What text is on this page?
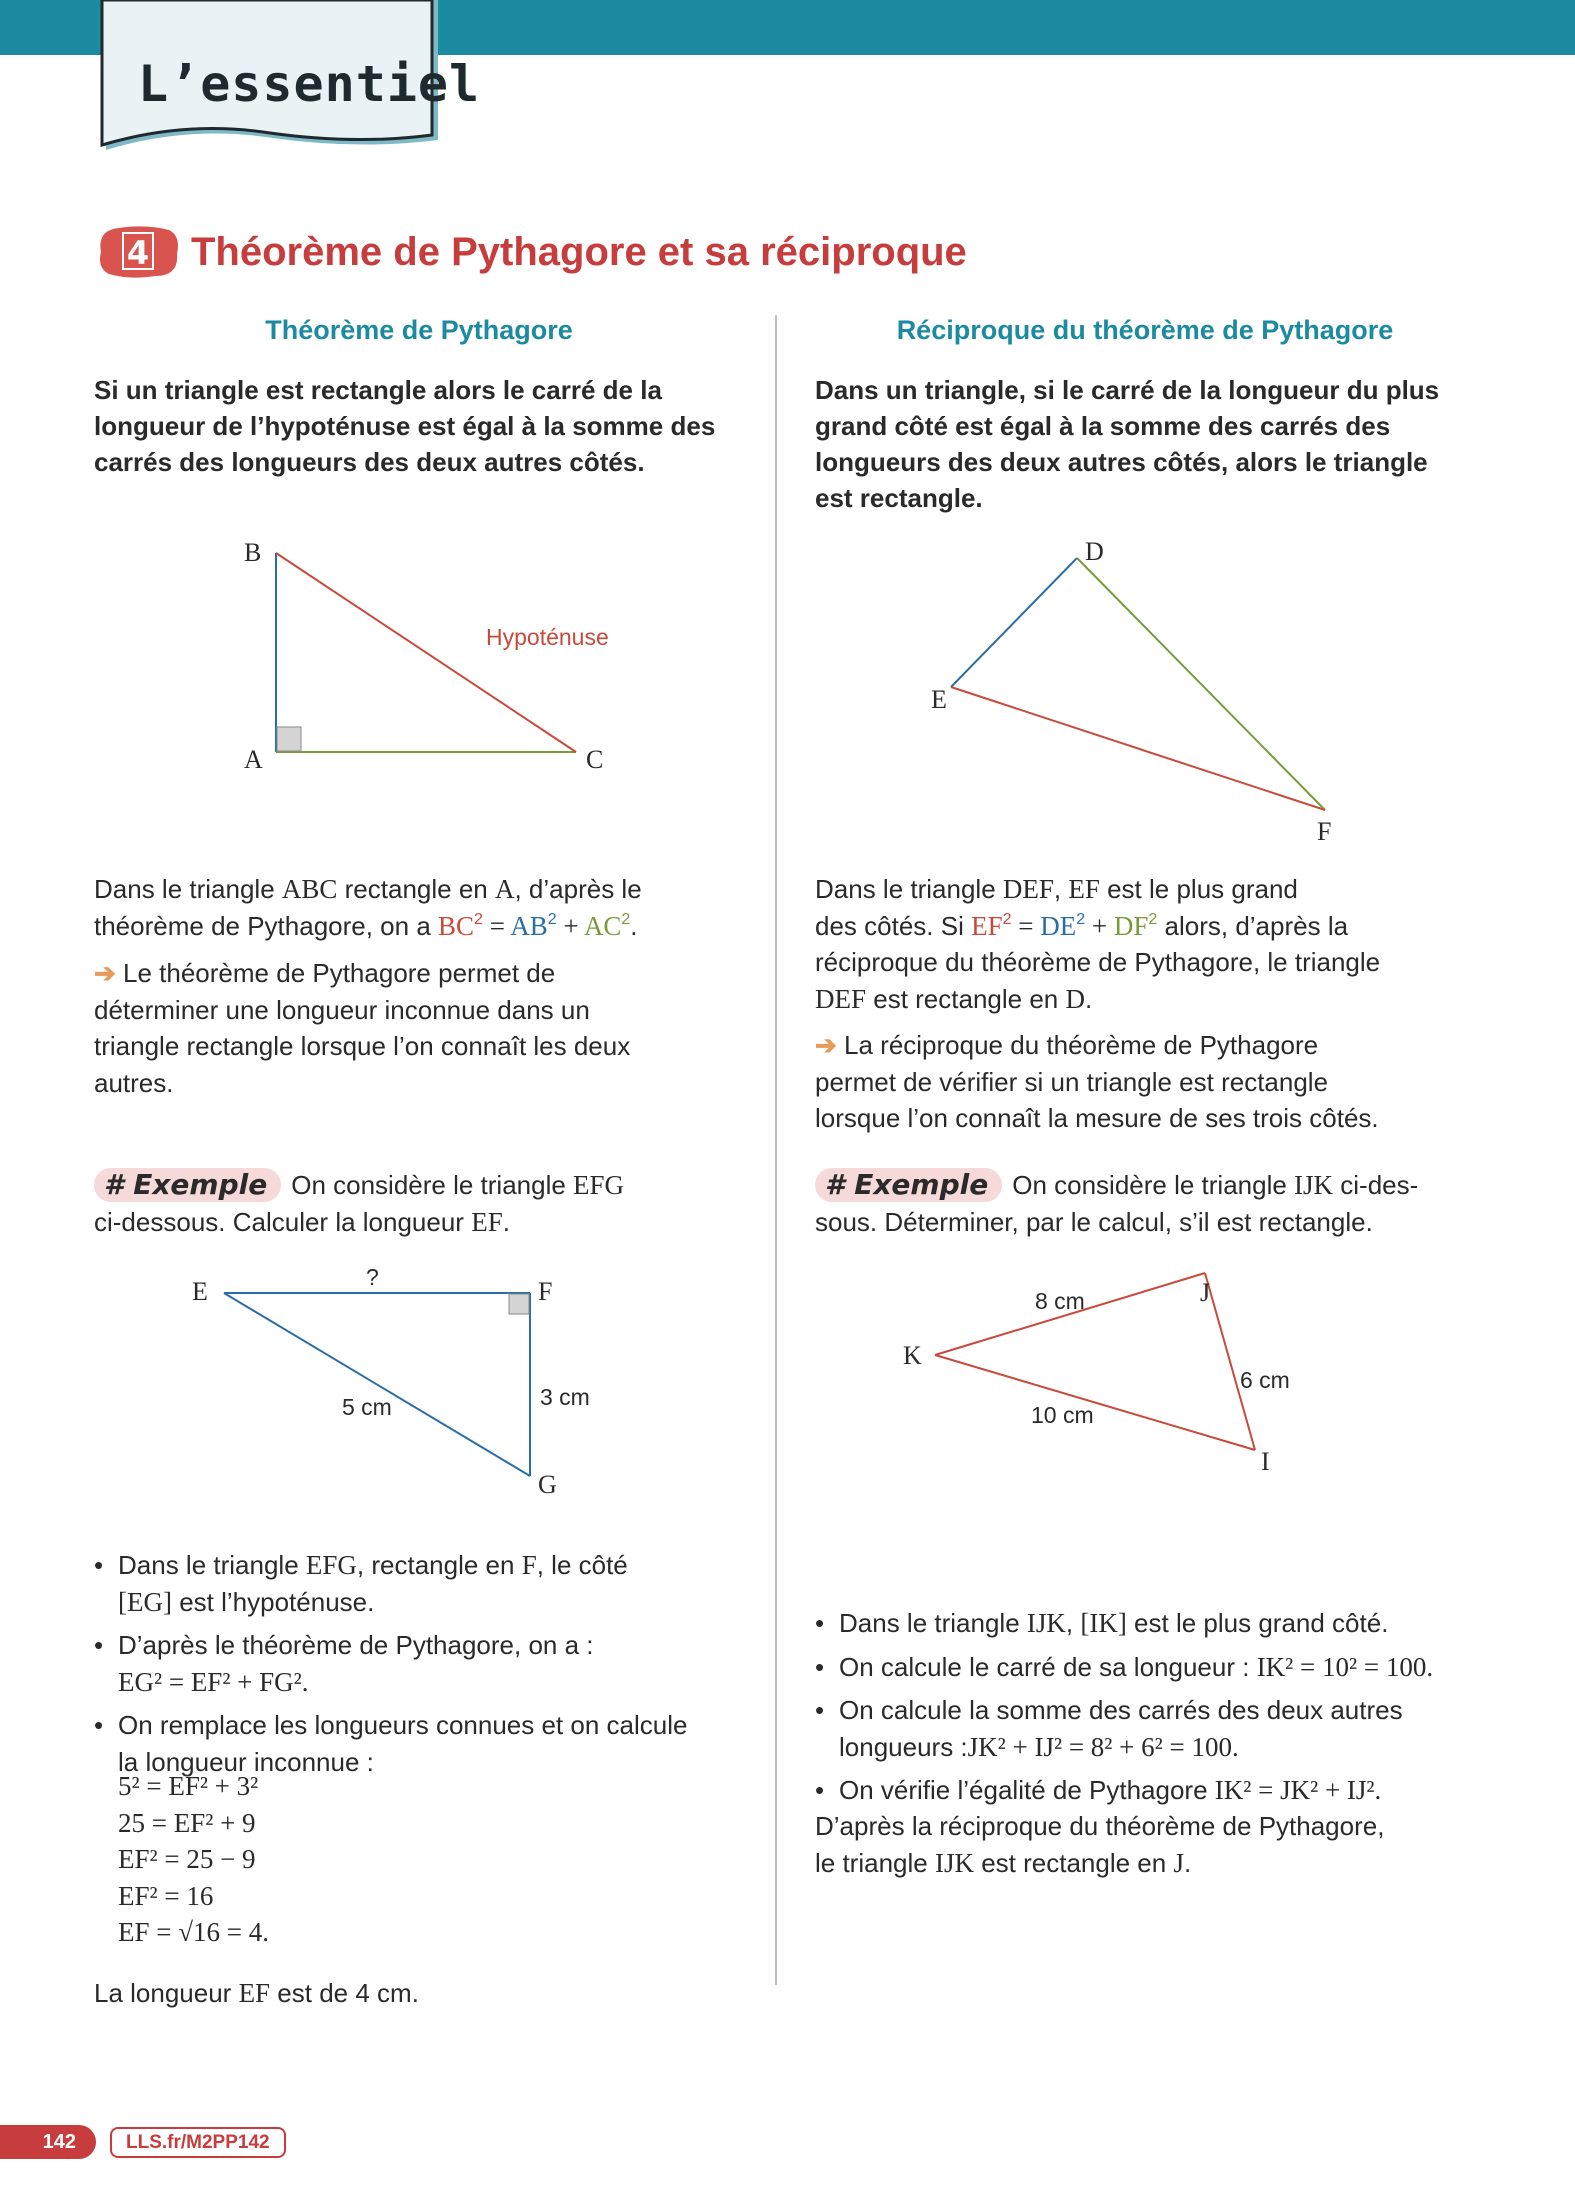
L’essentiel
4 Théorème de Pythagore et sa réciproque
Théorème de Pythagore
Si un triangle est rectangle alors le carré de la
longueur de l’hypoténuse est égal à la somme des
carrés des longueurs des deux autres côtés.
B
A	C
Hypoténuse
Dans le triangle ABC rectangle en A, d’après le
théorème de Pythagore, on a $BC^2 = AB^2 + AC^2$.
➔ Le théorème de Pythagore permet de
déterminer une longueur inconnue dans un
triangle rectangle lorsque l’on connaît les deux
autres.
# Exemple On considère le triangle EFG
ci-dessous. Calculer la longueur EF.
E	F
G
?
5 cm	3 cm
• Dans le triangle EFG, rectangle en F, le côté
[EG] est l’hypoténuse.
• D’après le théorème de Pythagore, on a :
EG² = EF² + FG².
• On remplace les longueurs connues et on calcule
la longueur inconnue :
5² = EF² + 3²
25 = EF² + 9
EF² = 25 − 9
EF² = 16
EF = √16 = 4.
La longueur EF est de 4 cm.
Réciproque du théorème de Pythagore
Dans un triangle, si le carré de la longueur du plus
grand côté est égal à la somme des carrés des
longueurs des deux autres côtés, alors le triangle
est rectangle.
D
E
F
Dans le triangle DEF, EF est le plus grand
des côtés. Si $EF^2 = DE^2 + DF^2$ alors, d’après la
réciproque du théorème de Pythagore, le triangle
DEF est rectangle en D.
➔ La réciproque du théorème de Pythagore
permet de vérifier si un triangle est rectangle
lorsque l’on connaît la mesure de ses trois côtés.
# Exemple On considère le triangle IJK ci-des-
sous. Déterminer, par le calcul, s’il est rectangle.
K
I
8 cm
6 cm
10 cm
J
• Dans le triangle IJK, [IK] est le plus grand côté.
• On calcule le carré de sa longueur : IK² = 10² = 100.
• On calcule la somme des carrés des deux autres
longueurs :JK² + IJ² = 8² + 6² = 100.
• On vérifie l’égalité de Pythagore IK² = JK² + IJ².
D’après la réciproque du théorème de Pythagore,
le triangle IJK est rectangle en J.
142	LLS.fr/M2PP142
